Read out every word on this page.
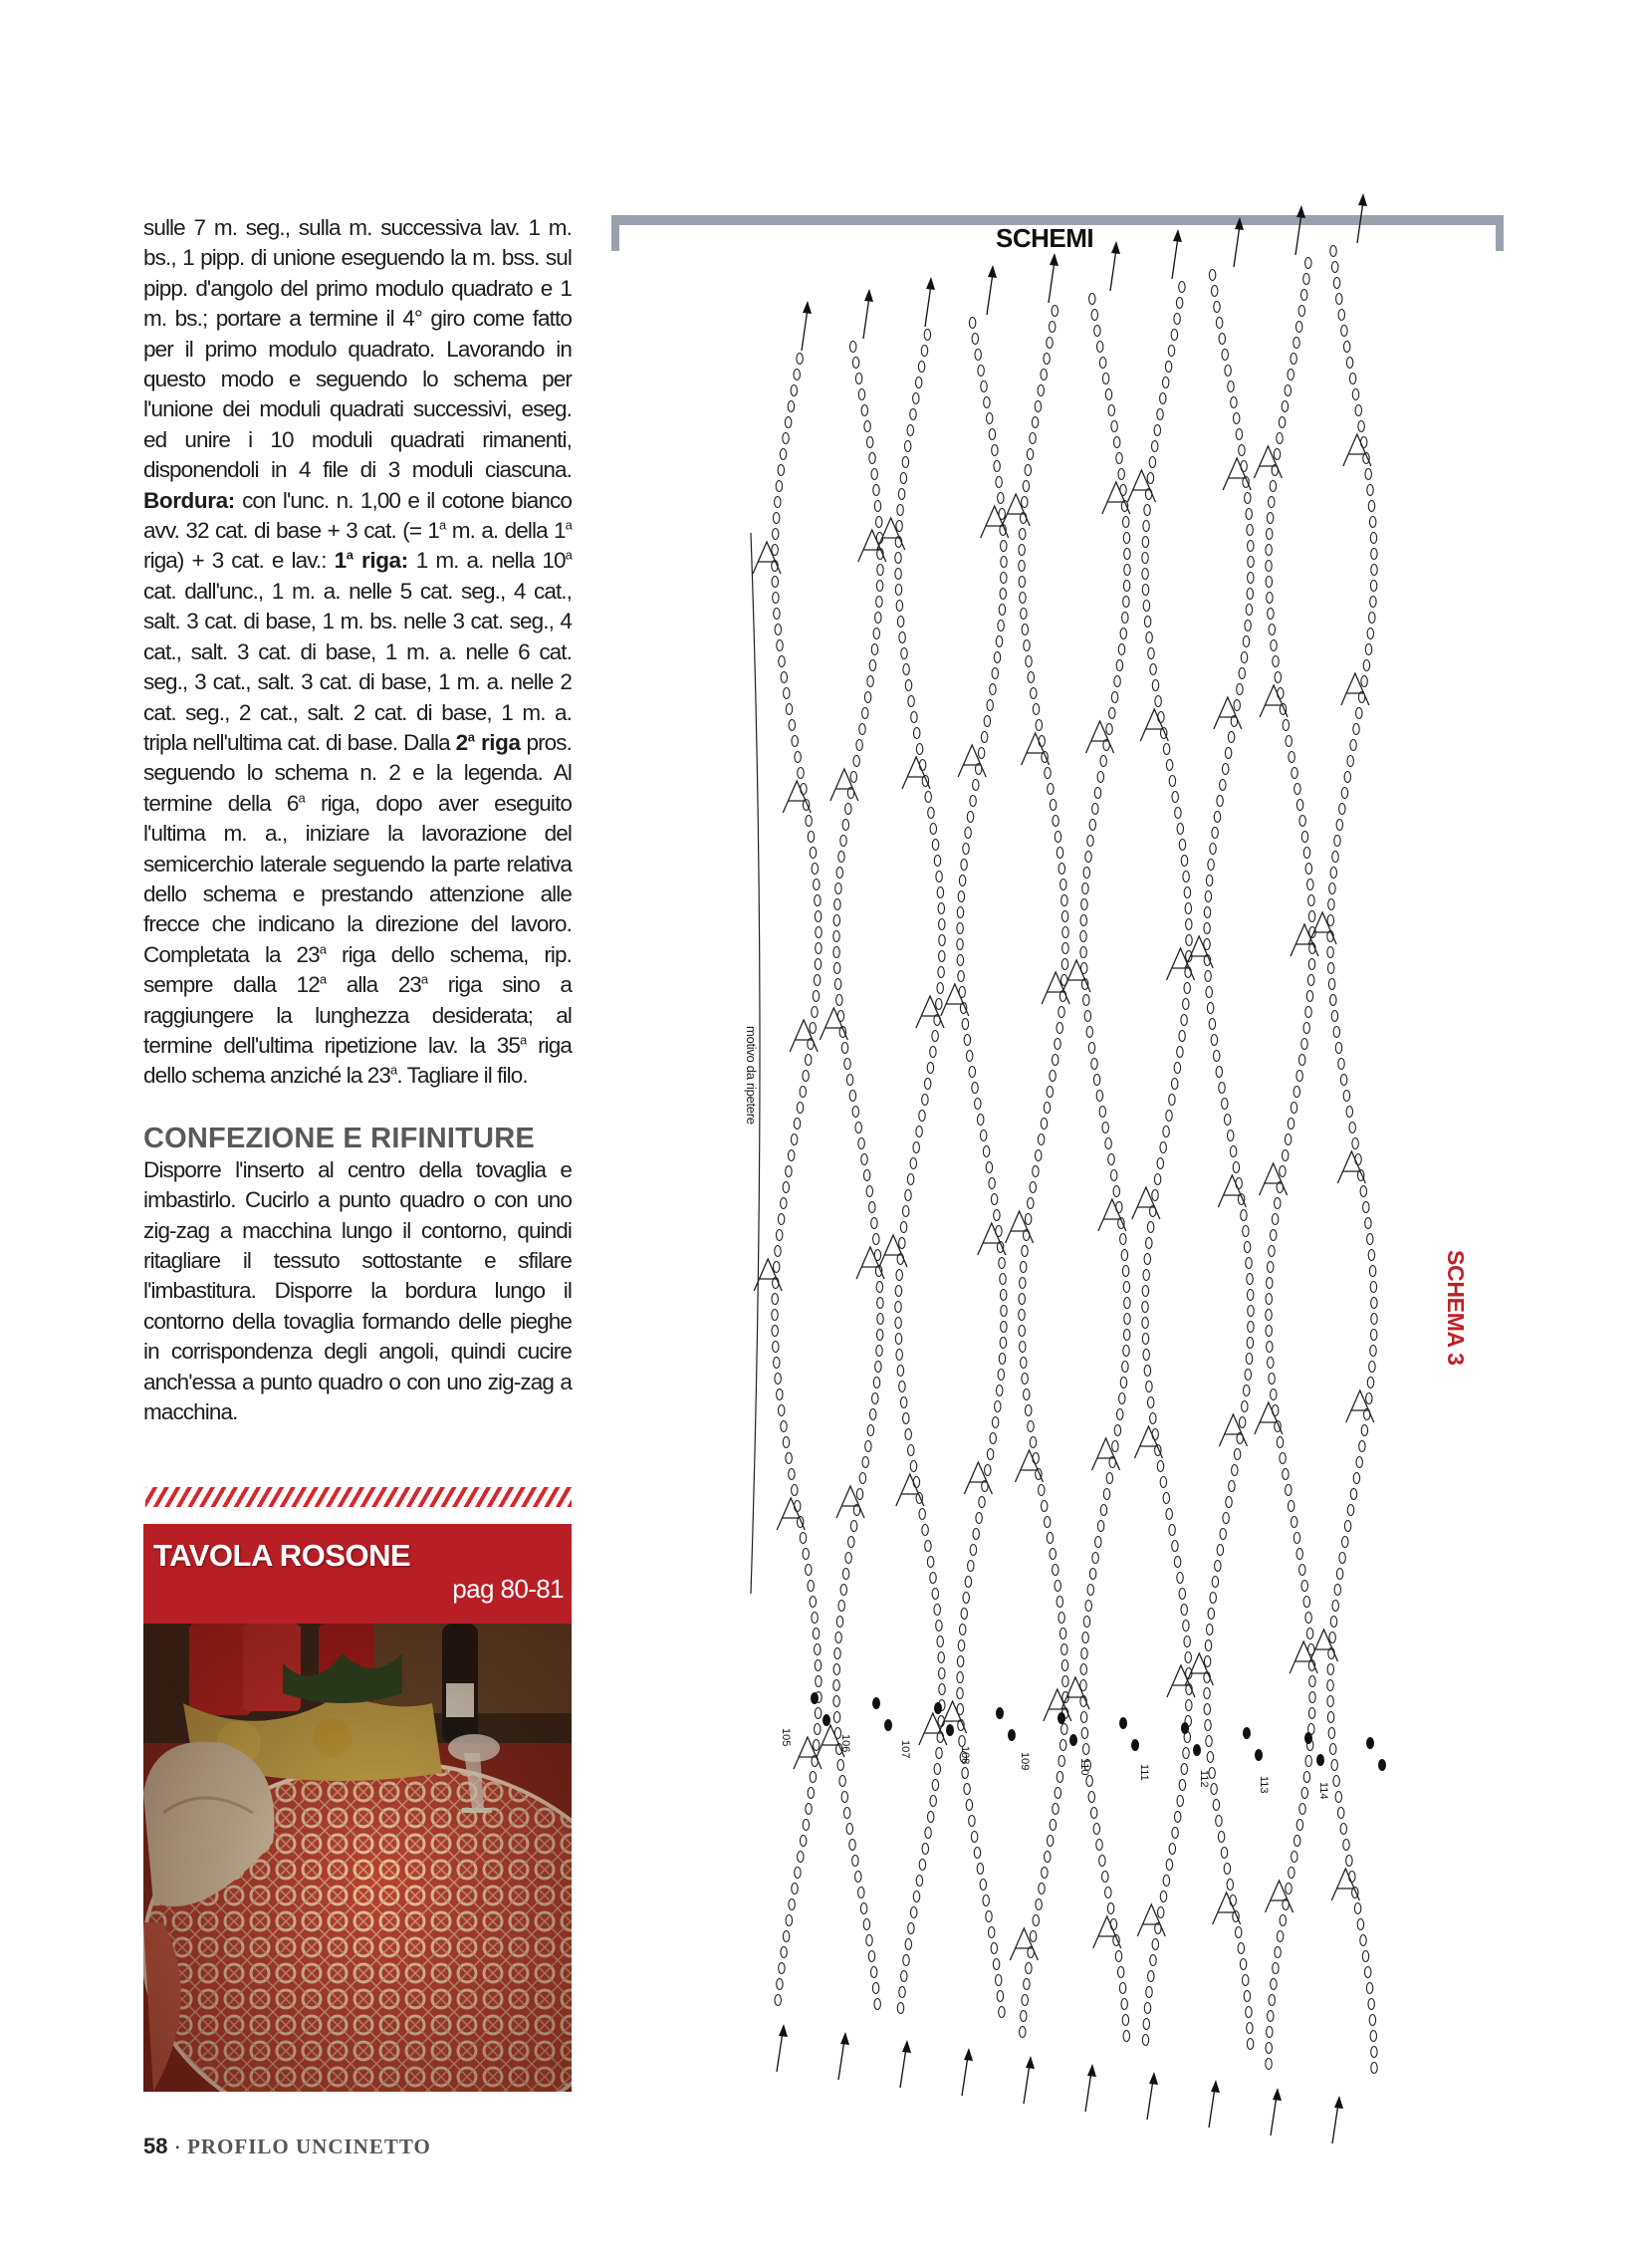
sulle 7 m. seg., sulla m. successiva lav. 1 m. bs., 1 pipp. di unione eseguendo la m. bss. sul pipp. d'angolo del primo modulo quadrato e 1 m. bs.; portare a termine il 4° giro come fatto per il primo modulo quadrato. Lavorando in questo modo e seguendo lo schema per l'unione dei moduli quadrati successivi, eseg. ed unire i 10 moduli quadrati rimanenti, disponendoli in 4 file di 3 moduli ciascuna. Bordura: con l'unc. n. 1,00 e il cotone bianco avv. 32 cat. di base + 3 cat. (= $1^a$ m. a. della 1$^a$ riga) + 3 cat. e lav.: 1$^a$ riga: 1 m. a. nella 10$^a$ cat. dall'unc., 1 m. a. nelle 5 cat. seg., 4 cat., salt. 3 cat. di base, 1 m. bs. nelle 3 cat. seg., 4 cat., salt. 3 cat. di base, 1 m. a. nelle 6 cat. seg., 3 cat., salt. 3 cat. di base, 1 m. a. nelle 2 cat. seg., 2 cat., salt. 2 cat. di base, 1 m. a. tripla nell'ultima cat. di base. Dalla 2$^a$ riga pros. seguendo lo schema n. 2 e la legenda. Al termine della 6$^a$ riga, dopo aver eseguito l'ultima m. a., iniziare la lavorazione del semicerchio laterale seguendo la parte relativa dello schema e prestando attenzione alle frecce che indicano la direzione del lavoro. Completata la 23$^a$ riga dello schema, rip. sempre dalla 12$^a$ alla 23$^a$ riga sino a raggiungere la lunghezza desiderata; al termine dell'ultima ripetizione lav. la 35$^a$ riga dello schema anziché la 23$^a$. Tagliare il filo.

CONFEZIONE E RIFINITURE

Disporre l'inserto al centro della tovaglia e imbastirlo. Cucirlo a punto quadro o con uno zig-zag a macchina lungo il contorno, quindi ritagliare il tessuto sottostante e sfilare l'imbastitura. Disporre la bordura lungo il contorno della tovaglia formando delle pieghe in corrispondenza degli angoli, quindi cucire anch'essa a punto quadro o con uno zig-zag a macchina.

TAVOLA ROSONE
pag 80-81
58 · PROFILO UNCINETTO
SCHEMI
SCHEMA 3
motivo da ripetere
105	106	107	108	109	110	111	112	113	114
